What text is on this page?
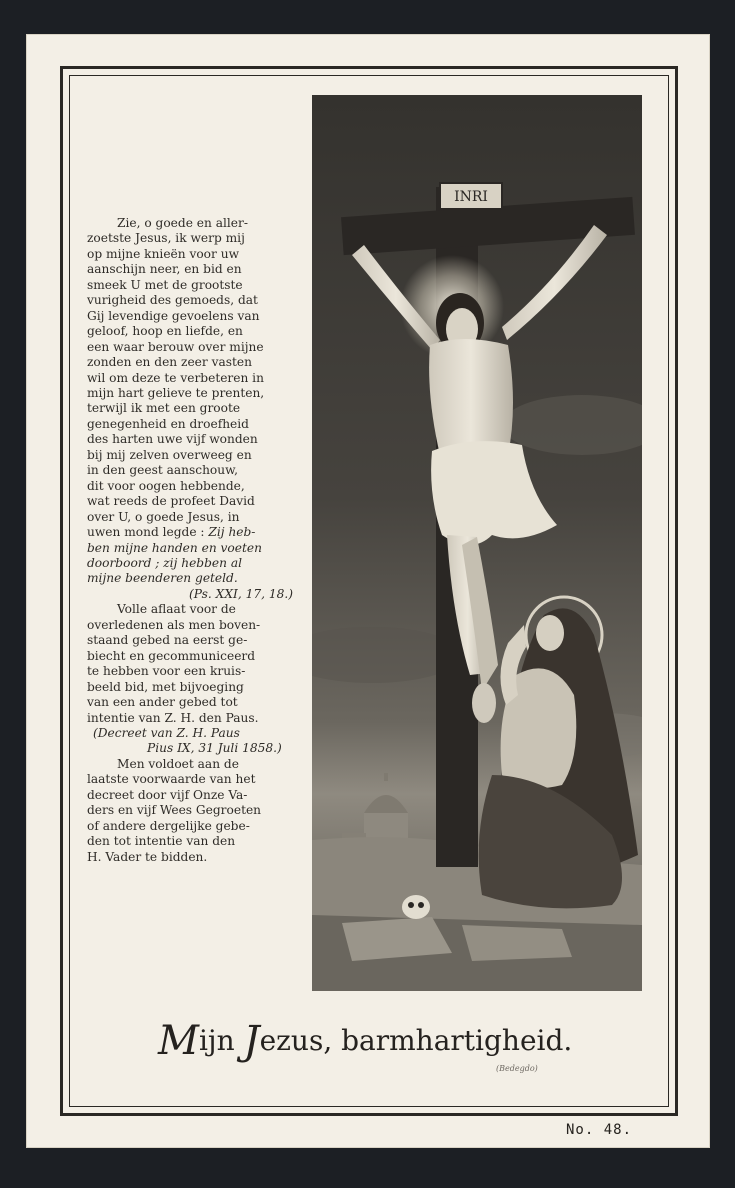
Zie, o goede en aller-

zoetste Jesus, ik werp mij

op mijne knieën voor uw

aanschijn neer, en bid en

smeek U met de grootste

vurigheid des gemoeds, dat

Gij levendige gevoelens van

geloof, hoop en liefde, en

een waar berouw over mijne

zonden en den zeer vasten

wil om deze te verbeteren in

mijn hart gelieve te prenten,

terwijl ik met een groote

genegenheid en droefheid

des harten uwe vijf wonden

bij mij zelven overweeg en

in den geest aanschouw,

dit voor oogen hebbende,

wat reeds de profeet David

over U, o goede Jesus, in

uwen mond legde : Zij heb-

ben mijne handen en voeten

doorboord ; zij hebben al

mijne beenderen geteld.

(Ps. XXI, 17, 18.)

Volle aflaat voor de

overledenen als men boven-

staand gebed na eerst ge-

biecht en gecommuniceerd

te hebben voor een kruis-

beeld bid, met bijvoeging

van een ander gebed tot

intentie van Z. H. den Paus.

(Decreet van Z. H. Paus

Pius IX, 31 Juli 1858.)

Men voldoet aan de

laatste voorwaarde van het

decreet door vijf Onze Va-

ders en vijf Wees Gegroeten

of andere dergelijke gebe-

den tot intentie van den

H. Vader te bidden.

INRI
Mijn Jezus, barmhartigheid.
(Bedegdo)
No. 48.
